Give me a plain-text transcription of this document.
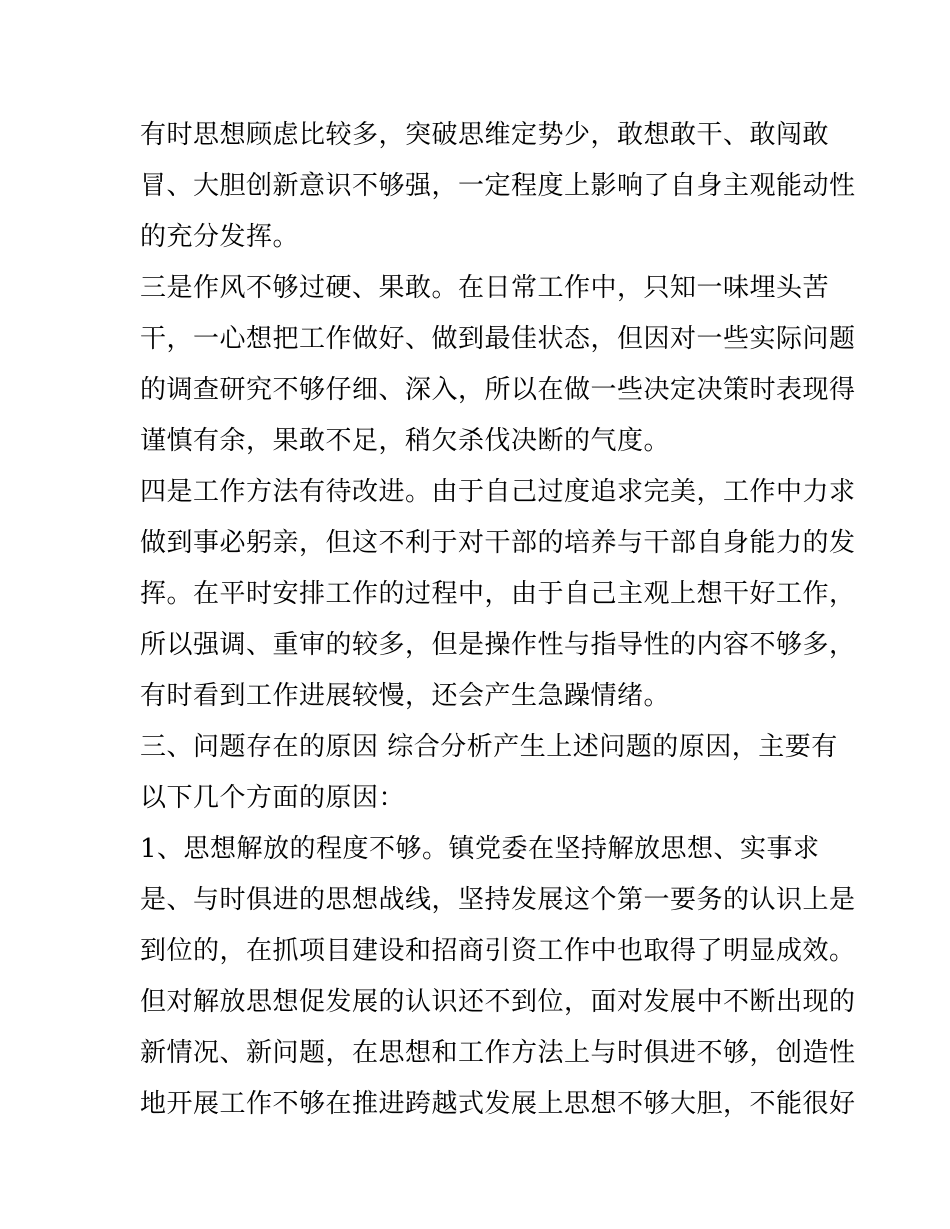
有时思想顾虑比较多，突破思维定势少，敢想敢干、敢闯敢
冒、大胆创新意识不够强，一定程度上影响了自身主观能动性
的充分发挥。
三是作风不够过硬、果敢。在日常工作中，只知一味埋头苦
干，一心想把工作做好、做到最佳状态，但因对一些实际问题
的调查研究不够仔细、深入，所以在做一些决定决策时表现得
谨慎有余，果敢不足，稍欠杀伐决断的气度。
四是工作方法有待改进。由于自己过度追求完美，工作中力求
做到事必躬亲，但这不利于对干部的培养与干部自身能力的发
挥。在平时安排工作的过程中，由于自己主观上想干好工作，
所以强调、重审的较多，但是操作性与指导性的内容不够多，
有时看到工作进展较慢，还会产生急躁情绪。
三、问题存在的原因 综合分析产生上述问题的原因，主要有
以下几个方面的原因：
1、思想解放的程度不够。镇党委在坚持解放思想、实事求
是、与时俱进的思想战线，坚持发展这个第一要务的认识上是
到位的，在抓项目建设和招商引资工作中也取得了明显成效。
但对解放思想促发展的认识还不到位，面对发展中不断出现的
新情况、新问题，在思想和工作方法上与时俱进不够，创造性
地开展工作不够在推进跨越式发展上思想不够大胆，不能很好
